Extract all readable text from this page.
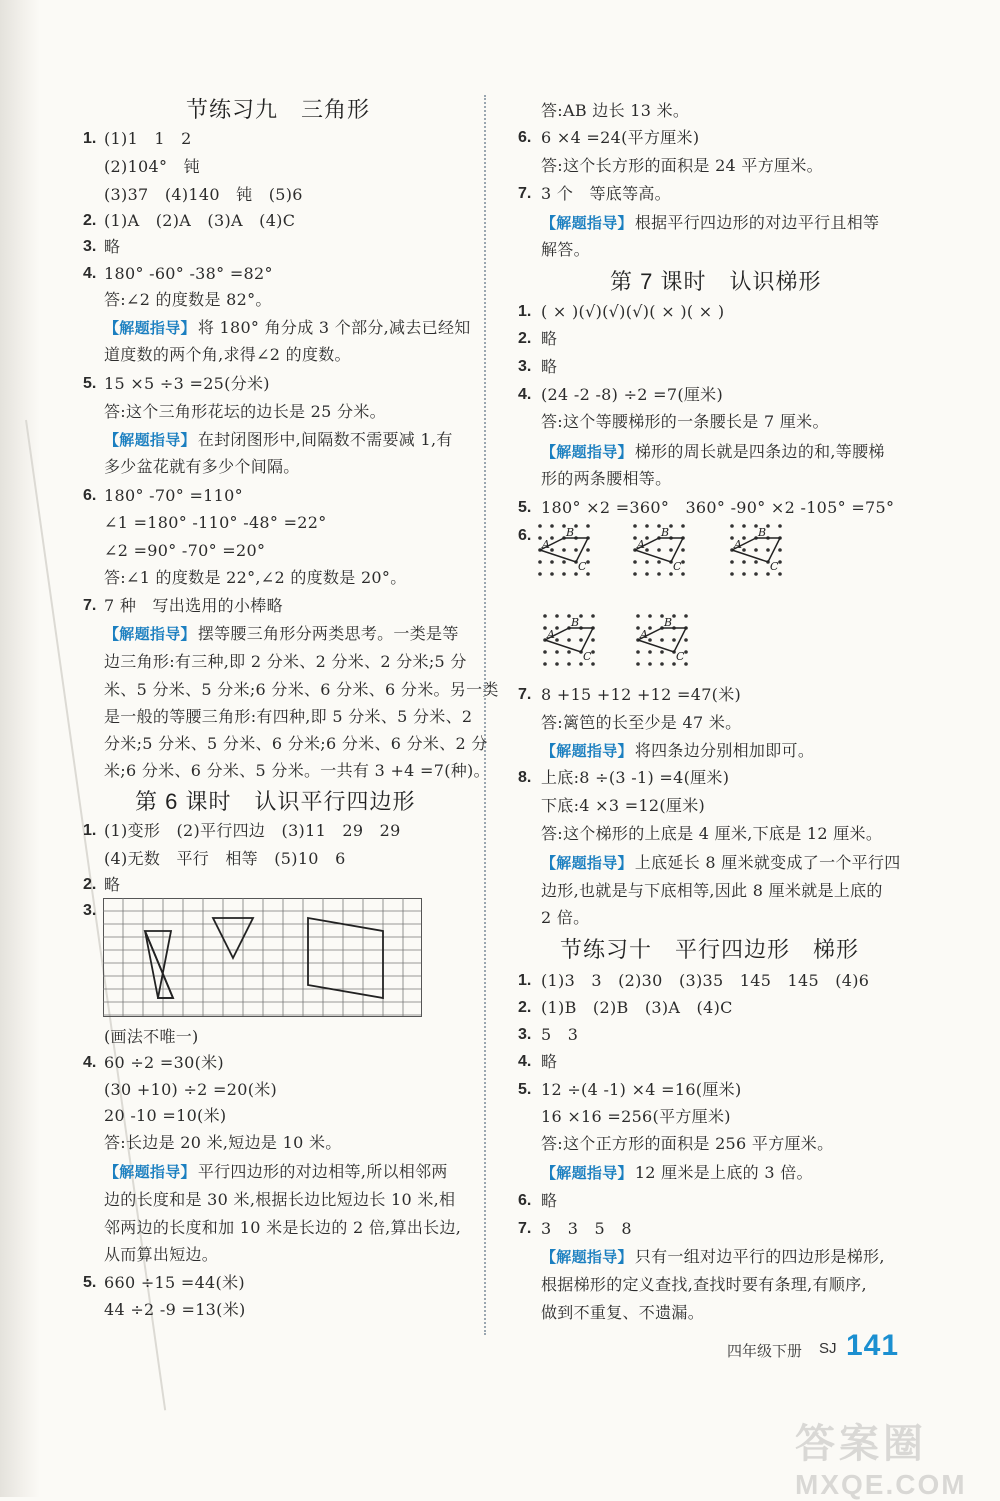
节练习九　三角形
1. (1)1　1　2
(2)104°　钝
(3)37　(4)140　钝　(5)6
2. (1)A　(2)A　(3)A　(4)C
3. 略
4. 180° -60° -38° =82°
答:∠2 的度数是 82°。
【解题指导】 将 180° 角分成 3 个部分,减去已经知
道度数的两个角,求得∠2 的度数。
5. 15 ×5 ÷3 =25(分米)
答:这个三角形花坛的边长是 25 分米。
【解题指导】 在封闭图形中,间隔数不需要减 1,有
多少盆花就有多少个间隔。
6. 180° -70° =110°
∠1 =180° -110° -48° =22°
∠2 =90° -70° =20°
答:∠1 的度数是 22°,∠2 的度数是 20°。
7. 7 种　写出选用的小棒略
【解题指导】 摆等腰三角形分两类思考。一类是等
边三角形:有三种,即 2 分米、2 分米、2 分米;5 分
米、5 分米、5 分米;6 分米、6 分米、6 分米。另一类
是一般的等腰三角形:有四种,即 5 分米、5 分米、2
分米;5 分米、5 分米、6 分米;6 分米、6 分米、2 分
米;6 分米、6 分米、5 分米。一共有 3 +4 =7(种)。
第 6 课时　认识平行四边形
1. (1)变形　(2)平行四边　(3)11　29　29
(4)无数　平行　相等　(5)10　6
2. 略
3.
(画法不唯一)
4. 60 ÷2 =30(米)
(30 +10) ÷2 =20(米)
20 -10 =10(米)
答:长边是 20 米,短边是 10 米。
【解题指导】 平行四边形的对边相等,所以相邻两
边的长度和是 30 米,根据长边比短边长 10 米,相
邻两边的长度和加 10 米是长边的 2 倍,算出长边,
从而算出短边。
5. 660 ÷15 =44(米)
44 ÷2 -9 =13(米)
答:AB 边长 13 米。
6. 6 ×4 =24(平方厘米)
答:这个长方形的面积是 24 平方厘米。
7. 3 个　等底等高。
【解题指导】 根据平行四边形的对边平行且相等
解答。
第 7 课时　认识梯形
1. ( × )(√)(√)(√)( × )( × )
2. 略
3. 略
4. (24 -2 -8) ÷2 =7(厘米)
答:这个等腰梯形的一条腰长是 7 厘米。
【解题指导】 梯形的周长就是四条边的和,等腰梯
形的两条腰相等。
5. 180° ×2 =360°　360° -90° ×2 -105° =75°
6.
7. 8 +15 +12 +12 =47(米)
答:篱笆的长至少是 47 米。
【解题指导】 将四条边分别相加即可。
8. 上底:8 ÷(3 -1) =4(厘米)
下底:4 ×3 =12(厘米)
答:这个梯形的上底是 4 厘米,下底是 12 厘米。
【解题指导】 上底延长 8 厘米就变成了一个平行四
边形,也就是与下底相等,因此 8 厘米就是上底的
2 倍。
节练习十　平行四边形　梯形
1. (1)3　3　(2)30　(3)35　145　145　(4)6
2. (1)B　(2)B　(3)A　(4)C
3. 5　3
4. 略
5. 12 ÷(4 -1) ×4 =16(厘米)
16 ×16 =256(平方厘米)
答:这个正方形的面积是 256 平方厘米。
【解题指导】 12 厘米是上底的 3 倍。
6. 略
7. 3　3　5　8
【解题指导】 只有一组对边平行的四边形是梯形,
根据梯形的定义查找,查找时要有条理,有顺序,
做到不重复、不遗漏。
A
B
C
A
B
C
A
B
C
A
B
C
A
B
C
四年级下册 SJ 141
答案圈
MXQE.COM
